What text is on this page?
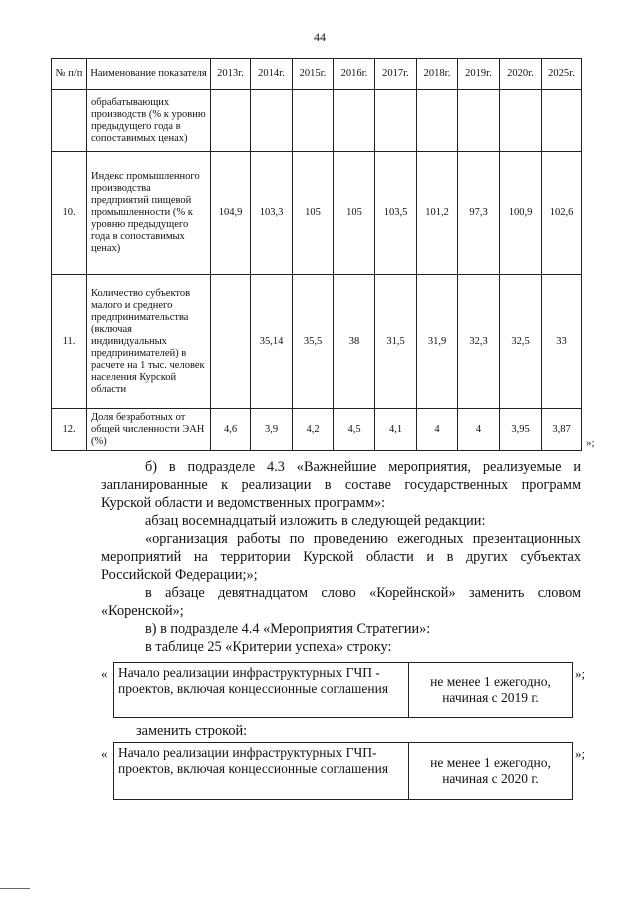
44
№ п/п	Наименование показателя	2013г.	2014г.	2015г.	2016г.	2017г.	2018г.	2019г.	2020г.	2025г.
	обрабатывающих производств (% к уровню предыдущего года в сопоставимых ценах)									
10.	Индекс промышленного производства предприятий пищевой промышленности (% к уровню предыдущего года в сопоставимых ценах)	104,9	103,3	105	105	103,5	101,2	97,3	100,9	102,6
11.	Количество субъектов малого и среднего предпринимательства (включая индивидуальных предпринимателей) в расчете на 1 тыс. человек населения Курской области		35,14	35,5	38	31,5	31,9	32,3	32,5	33
12.	Доля безработных от общей численности ЭАН (%)	4,6	3,9	4,2	4,5	4,1	4	4	3,95	3,87
»;
б) в подразделе 4.3 «Важнейшие мероприятия, реализуемые и
запланированные к реализации в составе государственных программ
Курской области и ведомственных программ»:
абзац восемнадцатый изложить в следующей редакции:
«организация работы по проведению ежегодных презентационных
мероприятий на территории Курской области и в других субъектах
Российской Федерации;»;
в абзаце девятнадцатом слово «Корейнской» заменить словом
«Коренской»;
в) в подразделе 4.4 «Мероприятия Стратегии»:
в таблице 25 «Критерии успеха» строку:
« Начало реализации инфраструктурных ГЧП - проектов, включая концессионные соглашения	не менее 1 ежегодно, начиная с 2019 г.
»;
заменить строкой:
« Начало реализации инфраструктурных ГЧП-проектов, включая концессионные соглашения	не менее 1 ежегодно, начиная с 2020 г.
»;
